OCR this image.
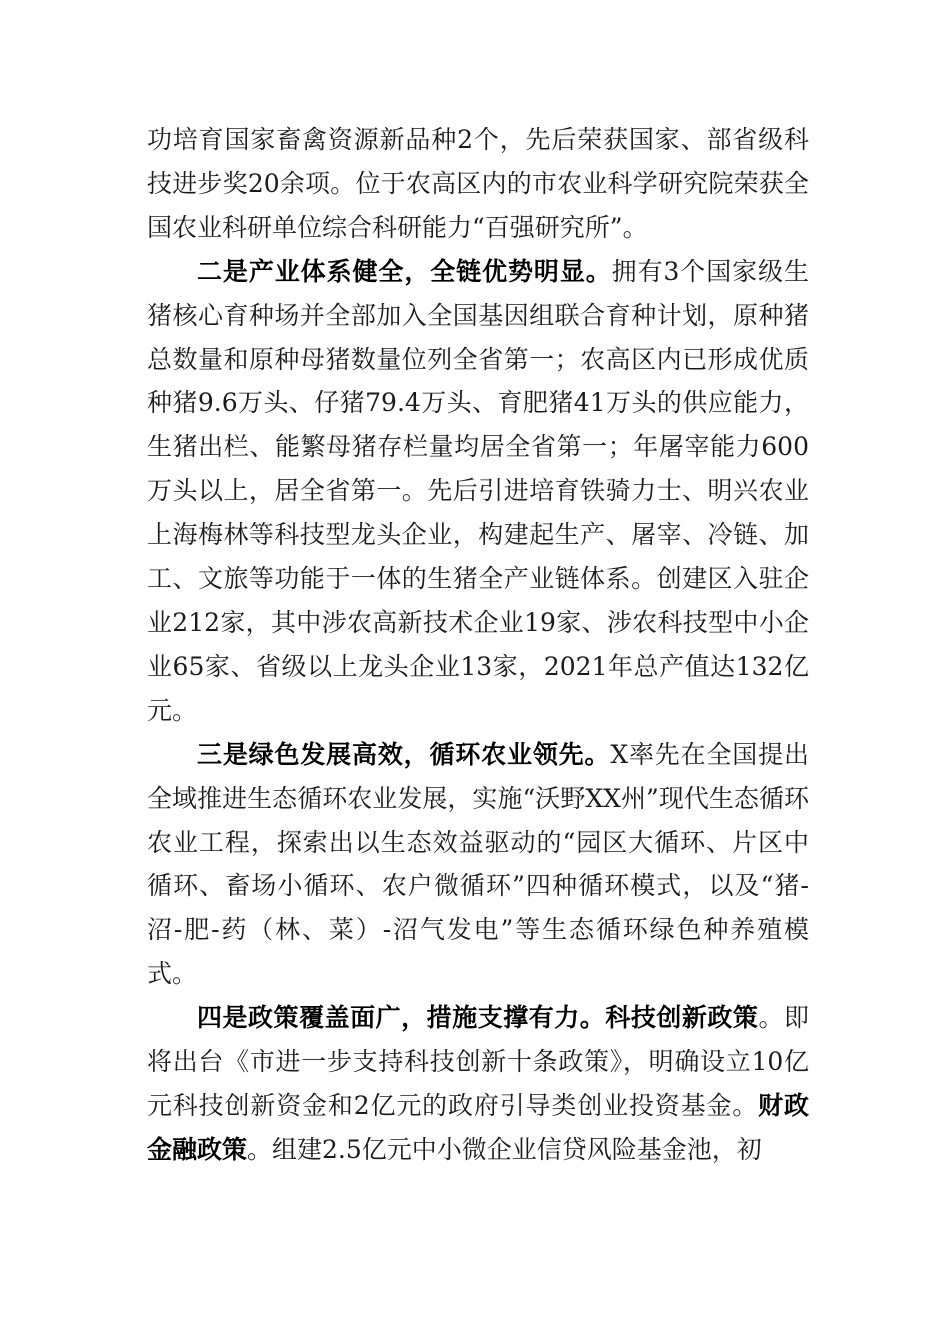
功培育国家畜禽资源新品种2个，先后荣获国家、部省级科技进步奖20余项。位于农高区内的市农业科学研究院荣获全国农业科研单位综合科研能力“百强研究所”。

二是产业体系健全，全链优势明显。拥有3个国家级生猪核心育种场并全部加入全国基因组联合育种计划，原种猪总数量和原种母猪数量位列全省第一；农高区内已形成优质种猪9.6万头、仔猪79.4万头、育肥猪41万头的供应能力，生猪出栏、能繁母猪存栏量均居全省第一；年屠宰能力600万头以上，居全省第一。先后引进培育铁骑力士、明兴农业上海梅林等科技型龙头企业，构建起生产、屠宰、冷链、加工、文旅等功能于一体的生猪全产业链体系。创建区入驻企业212家，其中涉农高新技术企业19家、涉农科技型中小企业65家、省级以上龙头企业13家，2021年总产值达132亿元。

三是绿色发展高效，循环农业领先。X率先在全国提出全域推进生态循环农业发展，实施“沃野XX州”现代生态循环农业工程，探索出以生态效益驱动的“园区大循环、片区中循环、畜场小循环、农户微循环”四种循环模式，以及“猪-沼-肥-药（林、菜）-沼气发电”等生态循环绿色种养殖模式。

四是政策覆盖面广，措施支撑有力。科技创新政策。即将出台《市进一步支持科技创新十条政策》，明确设立10亿元科技创新资金和2亿元的政府引导类创业投资基金。财政金融政策。组建2.5亿元中小微企业信贷风险基金池，初
